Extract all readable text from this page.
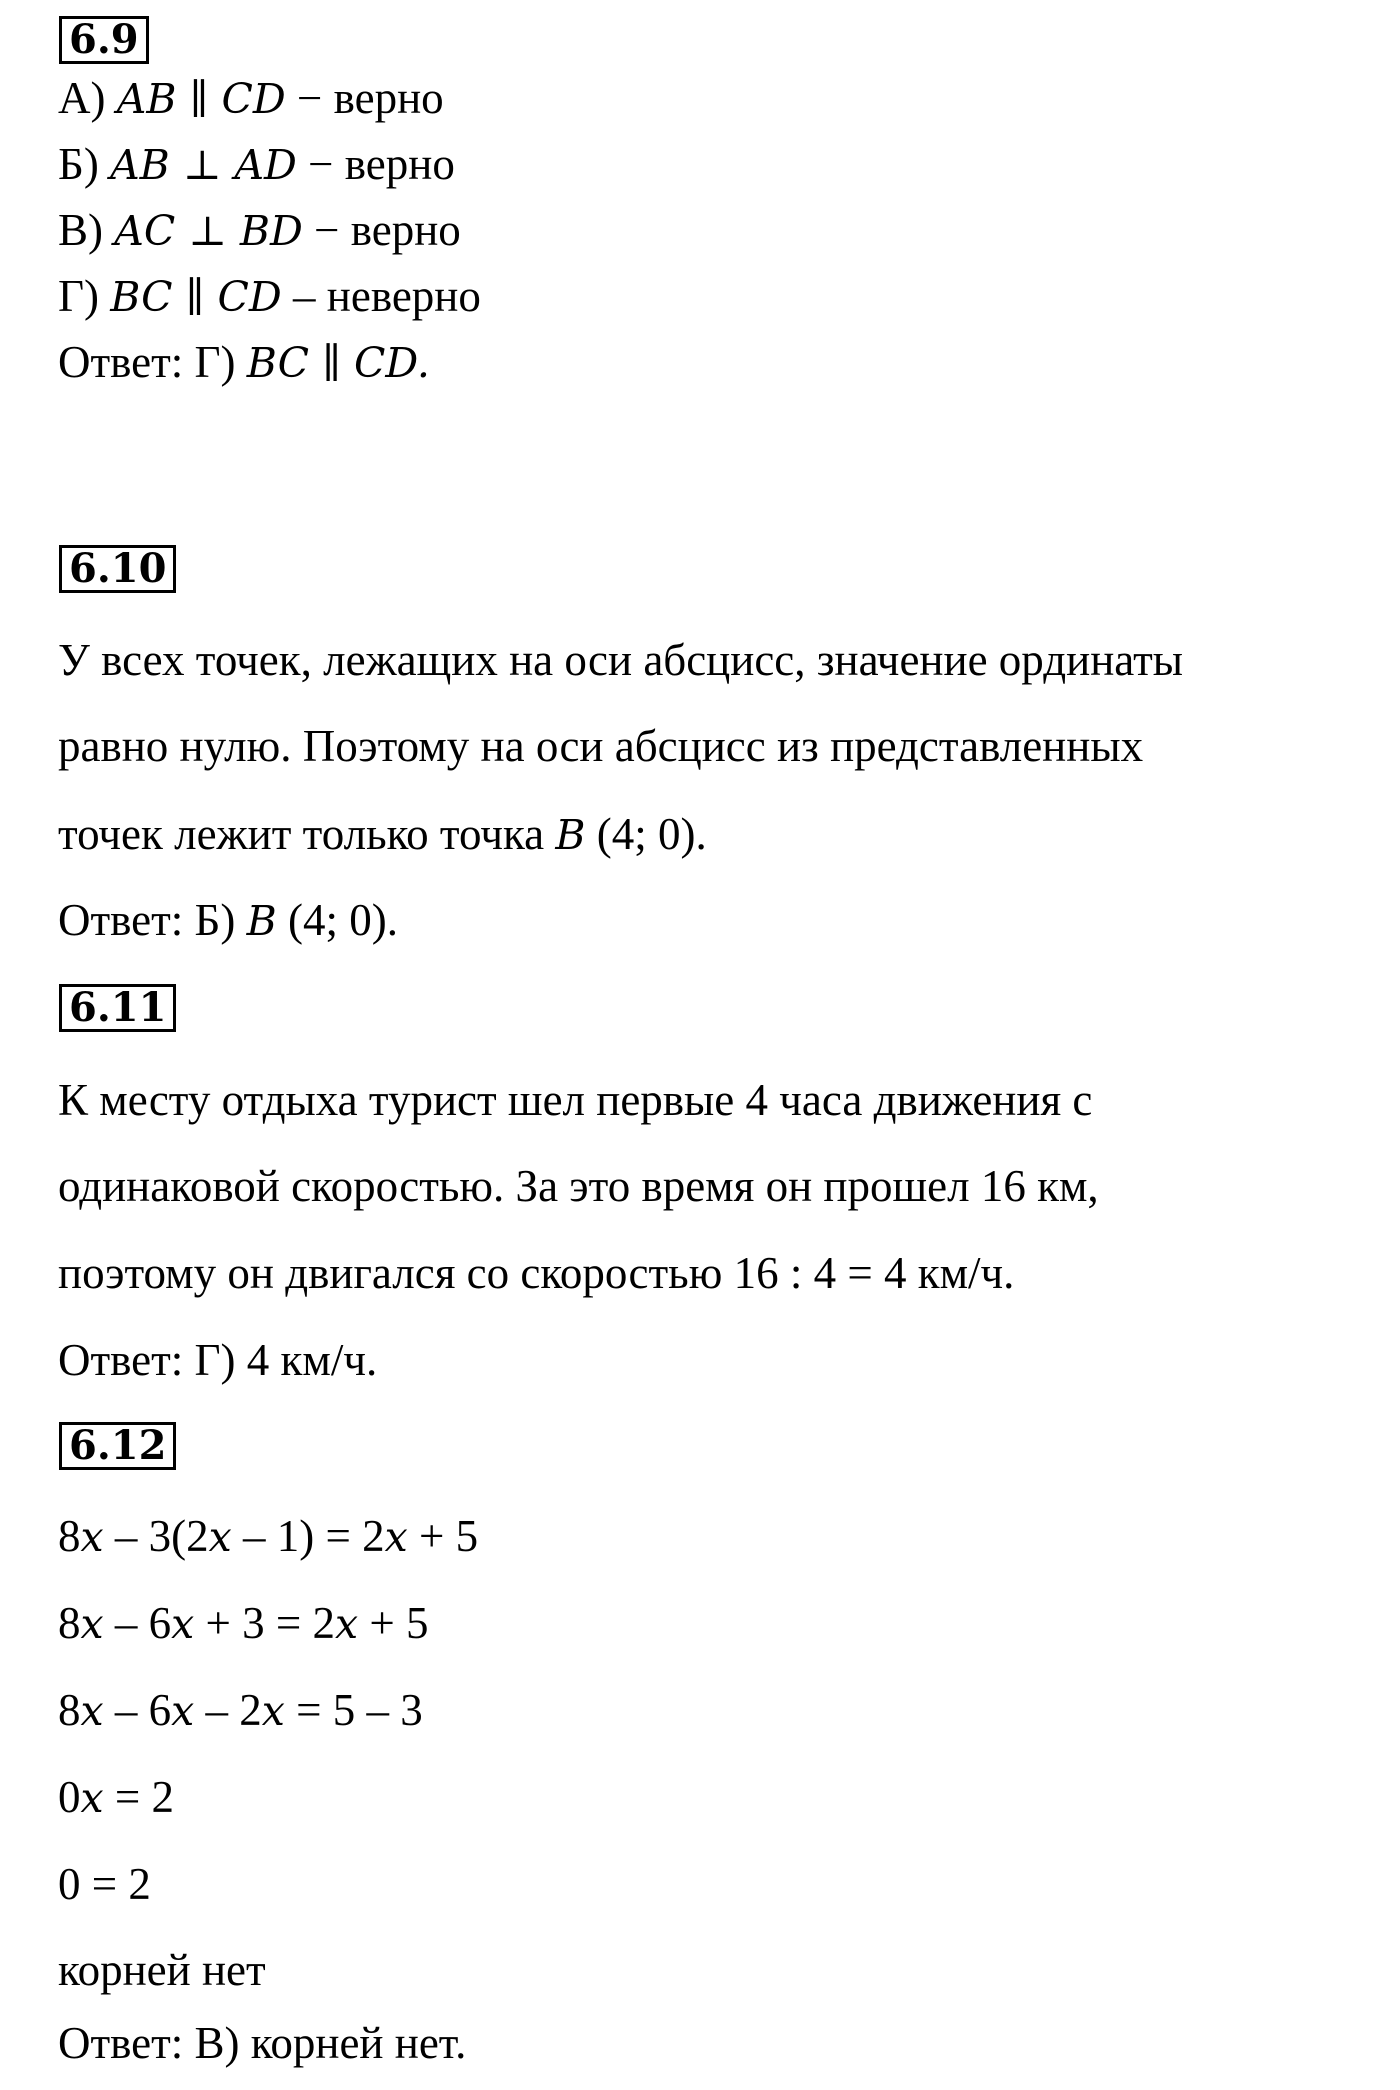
6.9
А) AB ∥ CD − верно
Б) AB ⊥ AD − верно
В) AC ⊥ BD − верно
Г) BC ∥ CD – неверно
Ответ: Г) BC ∥ CD.
6.10
У всех точек, лежащих на оси абсцисс, значение ординаты
равно нулю. Поэтому на оси абсцисс из представленных
точек лежит только точка B (4; 0).
Ответ: Б) B (4; 0).
6.11
К месту отдыха турист шел первые 4 часа движения с
одинаковой скоростью. За это время он прошел 16 км,
поэтому он двигался со скоростью 16 : 4 = 4 км/ч.
Ответ: Г) 4 км/ч.
6.12
8x – 3(2x – 1) = 2x + 5
8x – 6x + 3 = 2x + 5
8x – 6x – 2x = 5 – 3
0x = 2
0 = 2
корней нет
Ответ: В) корней нет.
